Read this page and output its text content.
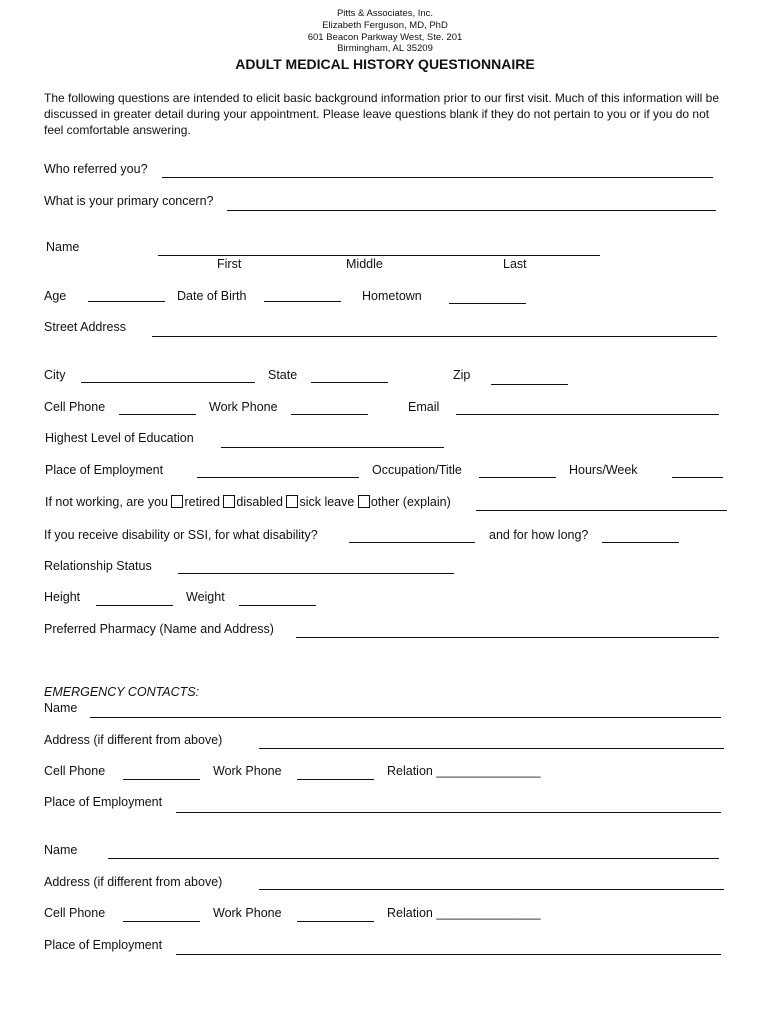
Pitts & Associates, Inc.
Elizabeth Ferguson, MD, PhD
601 Beacon Parkway West, Ste. 201
Birmingham, AL 35209
ADULT MEDICAL HISTORY QUESTIONNAIRE
The following questions are intended to elicit basic background information prior to our first visit. Much of this information will be discussed in greater detail during your appointment. Please leave questions blank if they do not pertain to you or if you do not feel comfortable answering.
Who referred you?
What is your primary concern?
Name
First	Middle	Last
Age	Date of Birth	Hometown
Street Address
City	State	Zip
Cell Phone	Work Phone	Email
Highest Level of Education
Place of Employment	Occupation/Title	Hours/Week
If not working, are you retired disabled sick leave other (explain)
If you receive disability or SSI, for what disability?	and for how long?
Relationship Status
Height	Weight
Preferred Pharmacy (Name and Address)
EMERGENCY CONTACTS:
Name
Address (if different from above)
Cell Phone	Work Phone	Relation _______________
Place of Employment
Name
Address (if different from above)
Cell Phone	Work Phone	Relation _______________
Place of Employment
